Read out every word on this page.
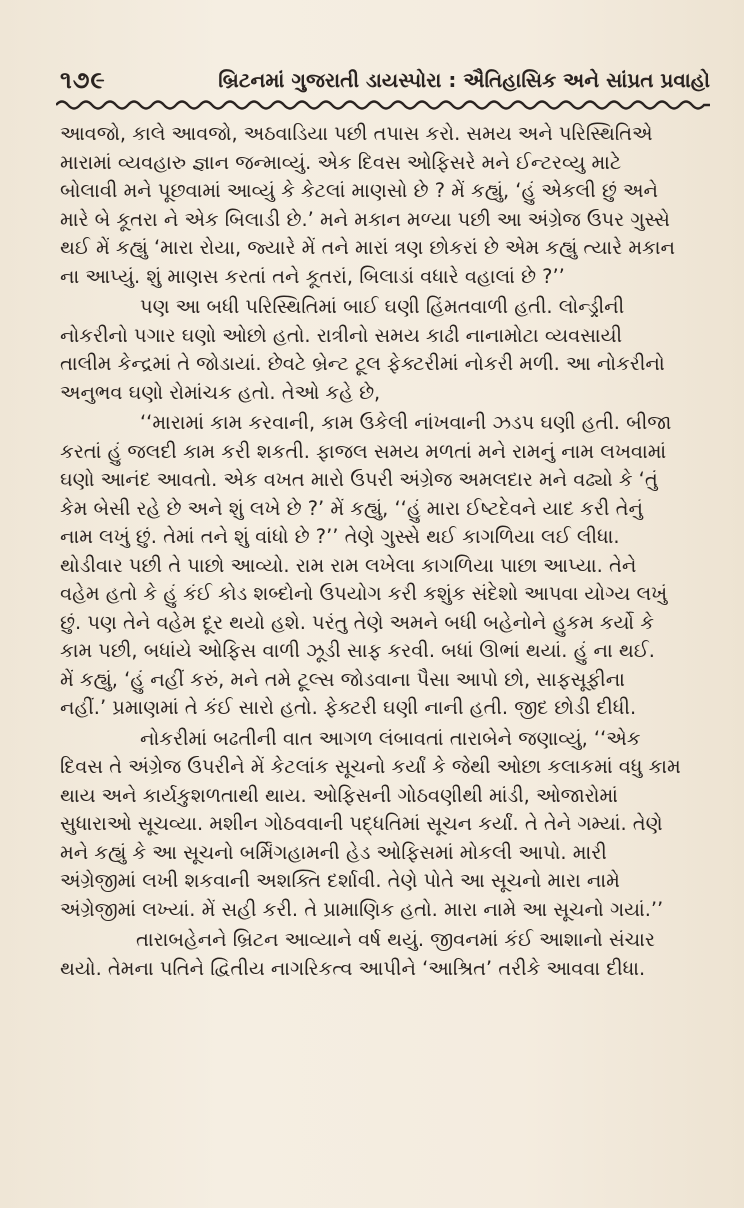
૧૭૯	બ્રિટનમાં ગુજરાતી ડાયસ્પોરા : ઐતિહાસિક અને સાંપ્રત પ્રવાહો
આવજો, કાલે આવજો, અઠવાડિયા પછી તપાસ કરો. સમય અને પરિસ્થિતિએ
મારામાં વ્યવહારુ જ્ઞાન જન્માવ્યું. એક દિવસ ઓફિસરે મને ઈન્ટરવ્યુ માટે
બોલાવી મને પૂછવામાં આવ્યું કે કેટલાં માણસો છે ? મેં કહ્યું, ‘હું એકલી છું અને
મારે બે કૂતરા ને એક બિલાડી છે.’ મને મકાન મળ્યા પછી આ અંગ્રેજ ઉપર ગુસ્સે
થઈ મેં કહ્યું ‘મારા રોયા, જ્યારે મેં તને મારાં ત્રણ છોકરાં છે એમ કહ્યું ત્યારે મકાન
ના આપ્યું. શું માણસ કરતાં તને કૂતરાં, બિલાડાં વધારે વહાલાં છે ?’’
પણ આ બધી પરિસ્થિતિમાં બાઈ ઘણી હિંમતવાળી હતી. લોન્ડ્રીની
નોકરીનો પગાર ઘણો ઓછો હતો. રાત્રીનો સમય કાઢી નાનામોટા વ્યવસાયી
તાલીમ કેન્દ્રમાં તે જોડાયાં. છેવટે બ્રેન્ટ ટૂલ ફેક્ટરીમાં નોકરી મળી. આ નોકરીનો
અનુભવ ઘણો રોમાંચક હતો. તેઓ કહે છે,
‘‘મારામાં કામ કરવાની, કામ ઉકેલી નાંખવાની ઝડપ ઘણી હતી. બીજા
કરતાં હું જલદી કામ કરી શકતી. ફાજલ સમય મળતાં મને રામનું નામ લખવામાં
ઘણો આનંદ આવતો. એક વખત મારો ઉપરી અંગ્રેજ અમલદાર મને વઢ્યો કે ‘તું
કેમ બેસી રહે છે અને શું લખે છે ?’ મેં કહ્યું, ‘‘હું મારા ઈષ્ટદેવને યાદ કરી તેનું
નામ લખું છું. તેમાં તને શું વાંધો છે ?’’ તેણે ગુસ્સે થઈ કાગળિયા લઈ લીધા.
થોડીવાર પછી તે પાછો આવ્યો. રામ રામ લખેલા કાગળિયા પાછા આપ્યા. તેને
વહેમ હતો કે હું કંઈ કોડ શબ્દોનો ઉપયોગ કરી કશુંક સંદેશો આપવા યોગ્ય લખું
છું. પણ તેને વહેમ દૂર થયો હશે. પરંતુ તેણે અમને બધી બહેનોને હુકમ કર્યો કે
કામ પછી, બધાંયે ઓફિસ વાળી ઝૂડી સાફ કરવી. બધાં ઊભાં થયાં. હું ના થઈ.
મેં કહ્યું, ‘હું નહીં કરું, મને તમે ટૂલ્સ જોડવાના પૈસા આપો છો, સાફસૂફીના
નહીં.’ પ્રમાણમાં તે કંઈ સારો હતો. ફેક્ટરી ઘણી નાની હતી. જીદ છોડી દીધી.
નોકરીમાં બઢતીની વાત આગળ લંબાવતાં તારાબેને જણાવ્યું, ‘‘એક
દિવસ તે અંગ્રેજ ઉપરીને મેં કેટલાંક સૂચનો કર્યાં કે જેથી ઓછા કલાકમાં વધુ કામ
થાય અને કાર્યકુશળતાથી થાય. ઓફિસની ગોઠવણીથી માંડી, ઓજારોમાં
સુધારાઓ સૂચવ્યા. મશીન ગોઠવવાની પદ્ધતિમાં સૂચન કર્યાં. તે તેને ગમ્યાં. તેણે
મને કહ્યું કે આ સૂચનો બર્મિંગહામની હેડ ઓફિસમાં મોકલી આપો. મારી
અંગ્રેજીમાં લખી શકવાની અશક્તિ દર્શાવી. તેણે પોતે આ સૂચનો મારા નામે
અંગ્રેજીમાં લખ્યાં. મેં સહી કરી. તે પ્રામાણિક હતો. મારા નામે આ સૂચનો ગયાં.’’
તારાબહેનને બ્રિટન આવ્યાને વર્ષ થયું. જીવનમાં કંઈ આશાનો સંચાર
થયો. તેમના પતિને દ્વિતીય નાગરિકત્વ આપીને ‘આશ્રિત’ તરીકે આવવા દીધા.
